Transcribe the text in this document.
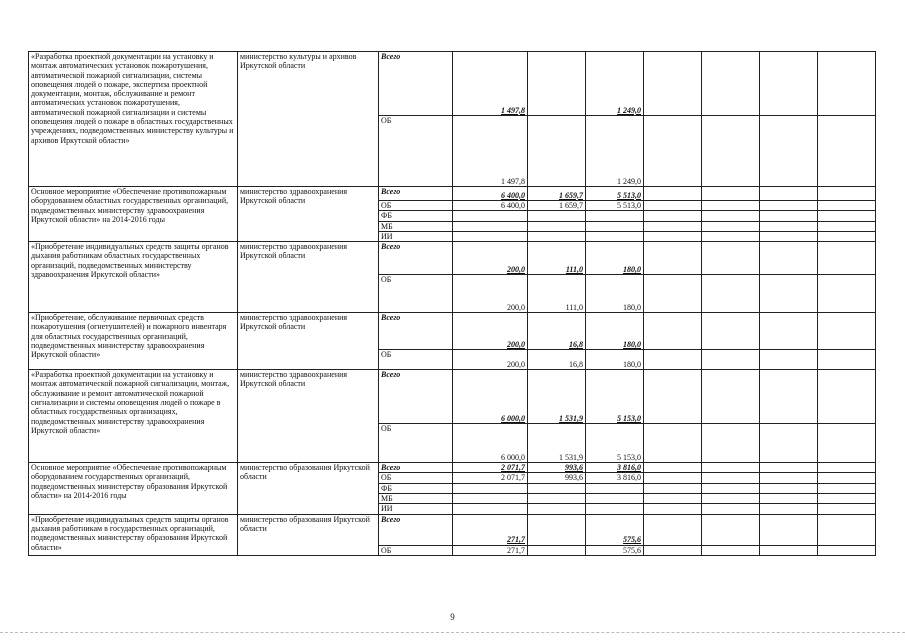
«Разработка проектной документации на установку и монтаж автоматических установок пожаротушения, автоматической пожарной сигнализации, системы оповещения людей о пожаре, экспертиза проектной документации, монтаж, обслуживание и ремонт автоматических установок пожаротушения, автоматической пожарной сигнализации и системы оповещения людей о пожаре в областных государственных учреждениях, подведомственных министерству культуры и архивов Иркутской области»	министерство культуры и архивов Иркутской области	Всего	1 497,8		1 249,0				
		ОБ	1 497,8		1 249,0				
Основное мероприятие «Обеспечение противопожарным оборудованием областных государственных организаций, подведомственных министерству здравоохранения Иркутской области» на 2014-2016 годы	министерство здравоохранения Иркутской области	Всего	6 400,0	1 659,7	5 513,0				
		ОБ	6 400,0	1 659,7	5 513,0				
		ФБ							
		МБ							
		ИИ							
«Приобретение индивидуальных средств защиты органов дыхания работникам областных государственных организаций, подведомственных министерству здравоохранения Иркутской области»	министерство здравоохранения Иркутской области	Всего	200,0	111,0	180,0				
		ОБ	200,0	111,0	180,0				
«Приобретение, обслуживание первичных средств пожаротушения (огнетушителей) и пожарного инвентаря для областных государственных организаций, подведомственных министерству здравоохранения Иркутской области»	министерство здравоохранения Иркутской области	Всего	200,0	16,8	180,0				
		ОБ	200,0	16,8	180,0				
«Разработка проектной документации на установку и монтаж автоматической пожарной сигнализации, монтаж, обслуживание и ремонт автоматической пожарной сигнализации и системы оповещения людей о пожаре в областных государственных организациях, подведомственных министерству здравоохранения Иркутской области»	министерство здравоохранения Иркутской области	Всего	6 000,0	1 531,9	5 153,0				
		ОБ	6 000,0	1 531,9	5 153,0				
Основное мероприятие «Обеспечение противопожарным оборудованием государственных организаций, подведомственных министерству образования Иркутской области» на 2014-2016 годы	министерство образования Иркутской области	Всего	2 071,7	993,6	3 816,0				
		ОБ	2 071,7	993,6	3 816,0				
		ФБ							
		МБ							
		ИИ							
«Приобретение индивидуальных средств защиты органов дыхания работникам в государственных организаций, подведомственных министерству образования Иркутской области»	министерство образования Иркутской области	Всего	271,7		575,6				
		ОБ	271,7		575,6				
9
